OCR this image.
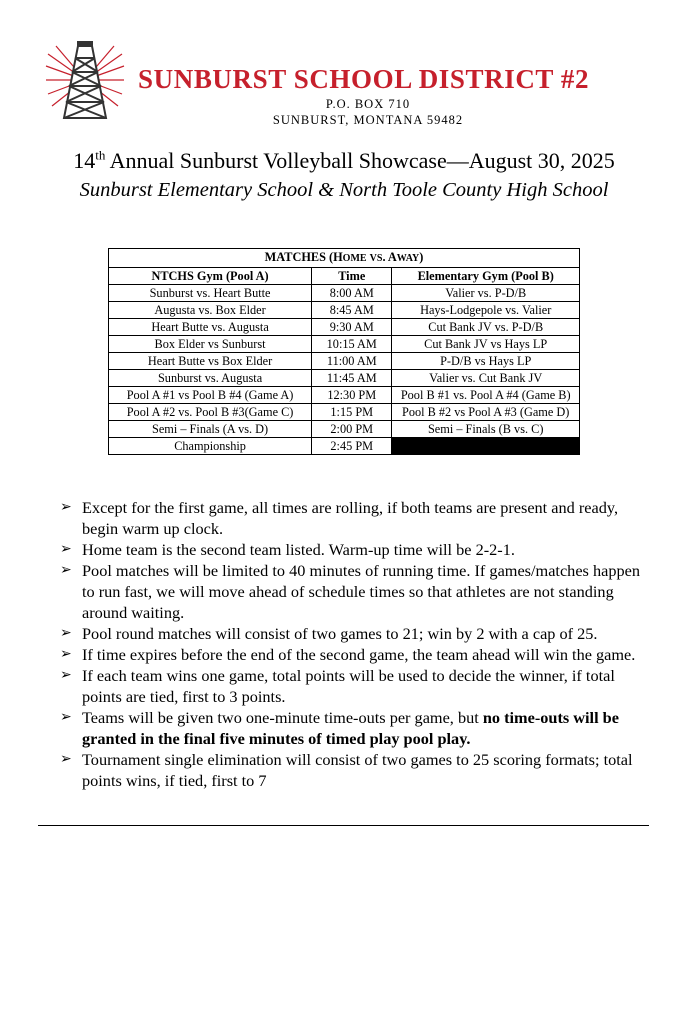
SUNBURST SCHOOL DISTRICT #2
P.O. BOX 710
SUNBURST, MONTANA 59482
14th Annual Sunburst Volleyball Showcase—August 30, 2025
Sunburst Elementary School & North Toole County High School
MATCHES (HOME VS. AWAY)		
NTCHS Gym (Pool A)	Time	Elementary Gym (Pool B)
Sunburst vs. Heart Butte	8:00 AM	Valier vs. P-D/B
Augusta vs. Box Elder	8:45 AM	Hays-Lodgepole vs. Valier
Heart Butte vs. Augusta	9:30 AM	Cut Bank JV vs. P-D/B
Box Elder vs Sunburst	10:15 AM	Cut Bank JV vs Hays LP
Heart Butte vs Box Elder	11:00 AM	P-D/B vs Hays LP
Sunburst vs. Augusta	11:45 AM	Valier vs. Cut Bank JV
Pool A #1 vs Pool B #4 (Game A)	12:30 PM	Pool B #1 vs. Pool A #4 (Game B)
Pool A #2 vs. Pool B #3(Game C)	1:15 PM	Pool B #2 vs Pool A #3 (Game D)
Semi – Finals (A vs. D)	2:00 PM	Semi – Finals (B vs. C)
Championship	2:45 PM	
➢ Except for the first game, all times are rolling, if both teams are present and ready, begin warm up clock.
➢ Home team is the second team listed. Warm-up time will be 2-2-1.
➢ Pool matches will be limited to 40 minutes of running time. If games/matches happen to run fast, we will move ahead of schedule times so that athletes are not standing around waiting.
➢ Pool round matches will consist of two games to 21; win by 2 with a cap of 25.
➢ If time expires before the end of the second game, the team ahead will win the game.
➢ If each team wins one game, total points will be used to decide the winner, if total points are tied, first to 3 points.
➢ Teams will be given two one-minute time-outs per game, but no time-outs will be granted in the final five minutes of timed play pool play.
➢ Tournament single elimination will consist of two games to 25 scoring formats; total points wins, if tied, first to 7
